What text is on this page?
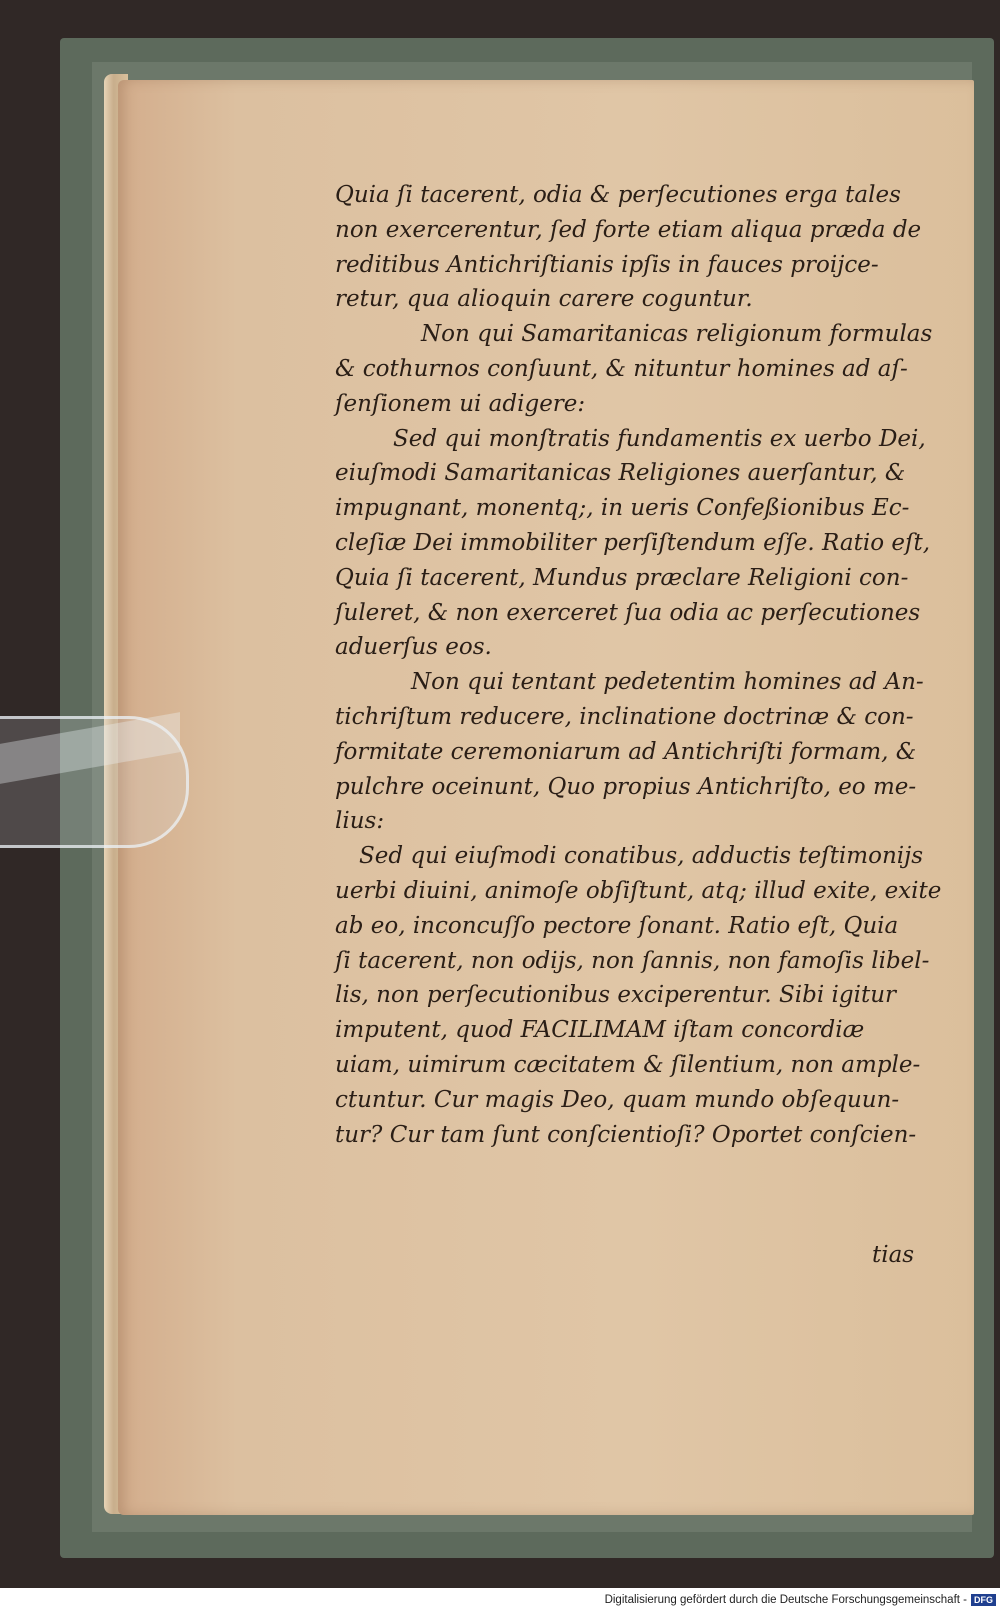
Quia ſi tacerent, odia & perſecutiones erga tales
non exercerentur, ſed forte etiam aliqua præda de
reditibus Antichriſtianis ipſis in fauces proijce-
retur, qua alioquin carere coguntur.
Non qui Samaritanicas religionum formulas
& cothurnos conſuunt, & nituntur homines ad aſ-
ſenſionem ui adigere:
Sed qui monſtratis fundamentis ex uerbo Dei,
eiuſmodi Samaritanicas Religiones auerſantur, &
impugnant, monentq;, in ueris Confeßionibus Ec-
cleſiæ Dei immobiliter perſiſtendum eſſe. Ratio eſt,
Quia ſi tacerent, Mundus præclare Religioni con-
ſuleret, & non exerceret ſua odia ac perſecutiones
aduerſus eos.
Non qui tentant pedetentim homines ad An-
tichriſtum reducere, inclinatione doctrinæ & con-
formitate ceremoniarum ad Antichriſti formam, &
pulchre oceinunt, Quo propius Antichriſto, eo me-
lius:
Sed qui eiuſmodi conatibus, adductis teſtimonijs
uerbi diuini, animoſe obſiſtunt, atq; illud exite, exite
ab eo, inconcuſſo pectore ſonant. Ratio eſt, Quia
ſi tacerent, non odijs, non ſannis, non famoſis libel-
lis, non perſecutionibus exciperentur. Sibi igitur
imputent, quod FACILIMAM iſtam concordiæ
uiam, uimirum cæcitatem & ſilentium, non ample-
ctuntur. Cur magis Deo, quam mundo obſequun-
tur? Cur tam ſunt conſcientioſi? Oportet conſcien-
tias
Digitalisierung gefördert durch die Deutsche Forschungsgemeinschaft - DFG
